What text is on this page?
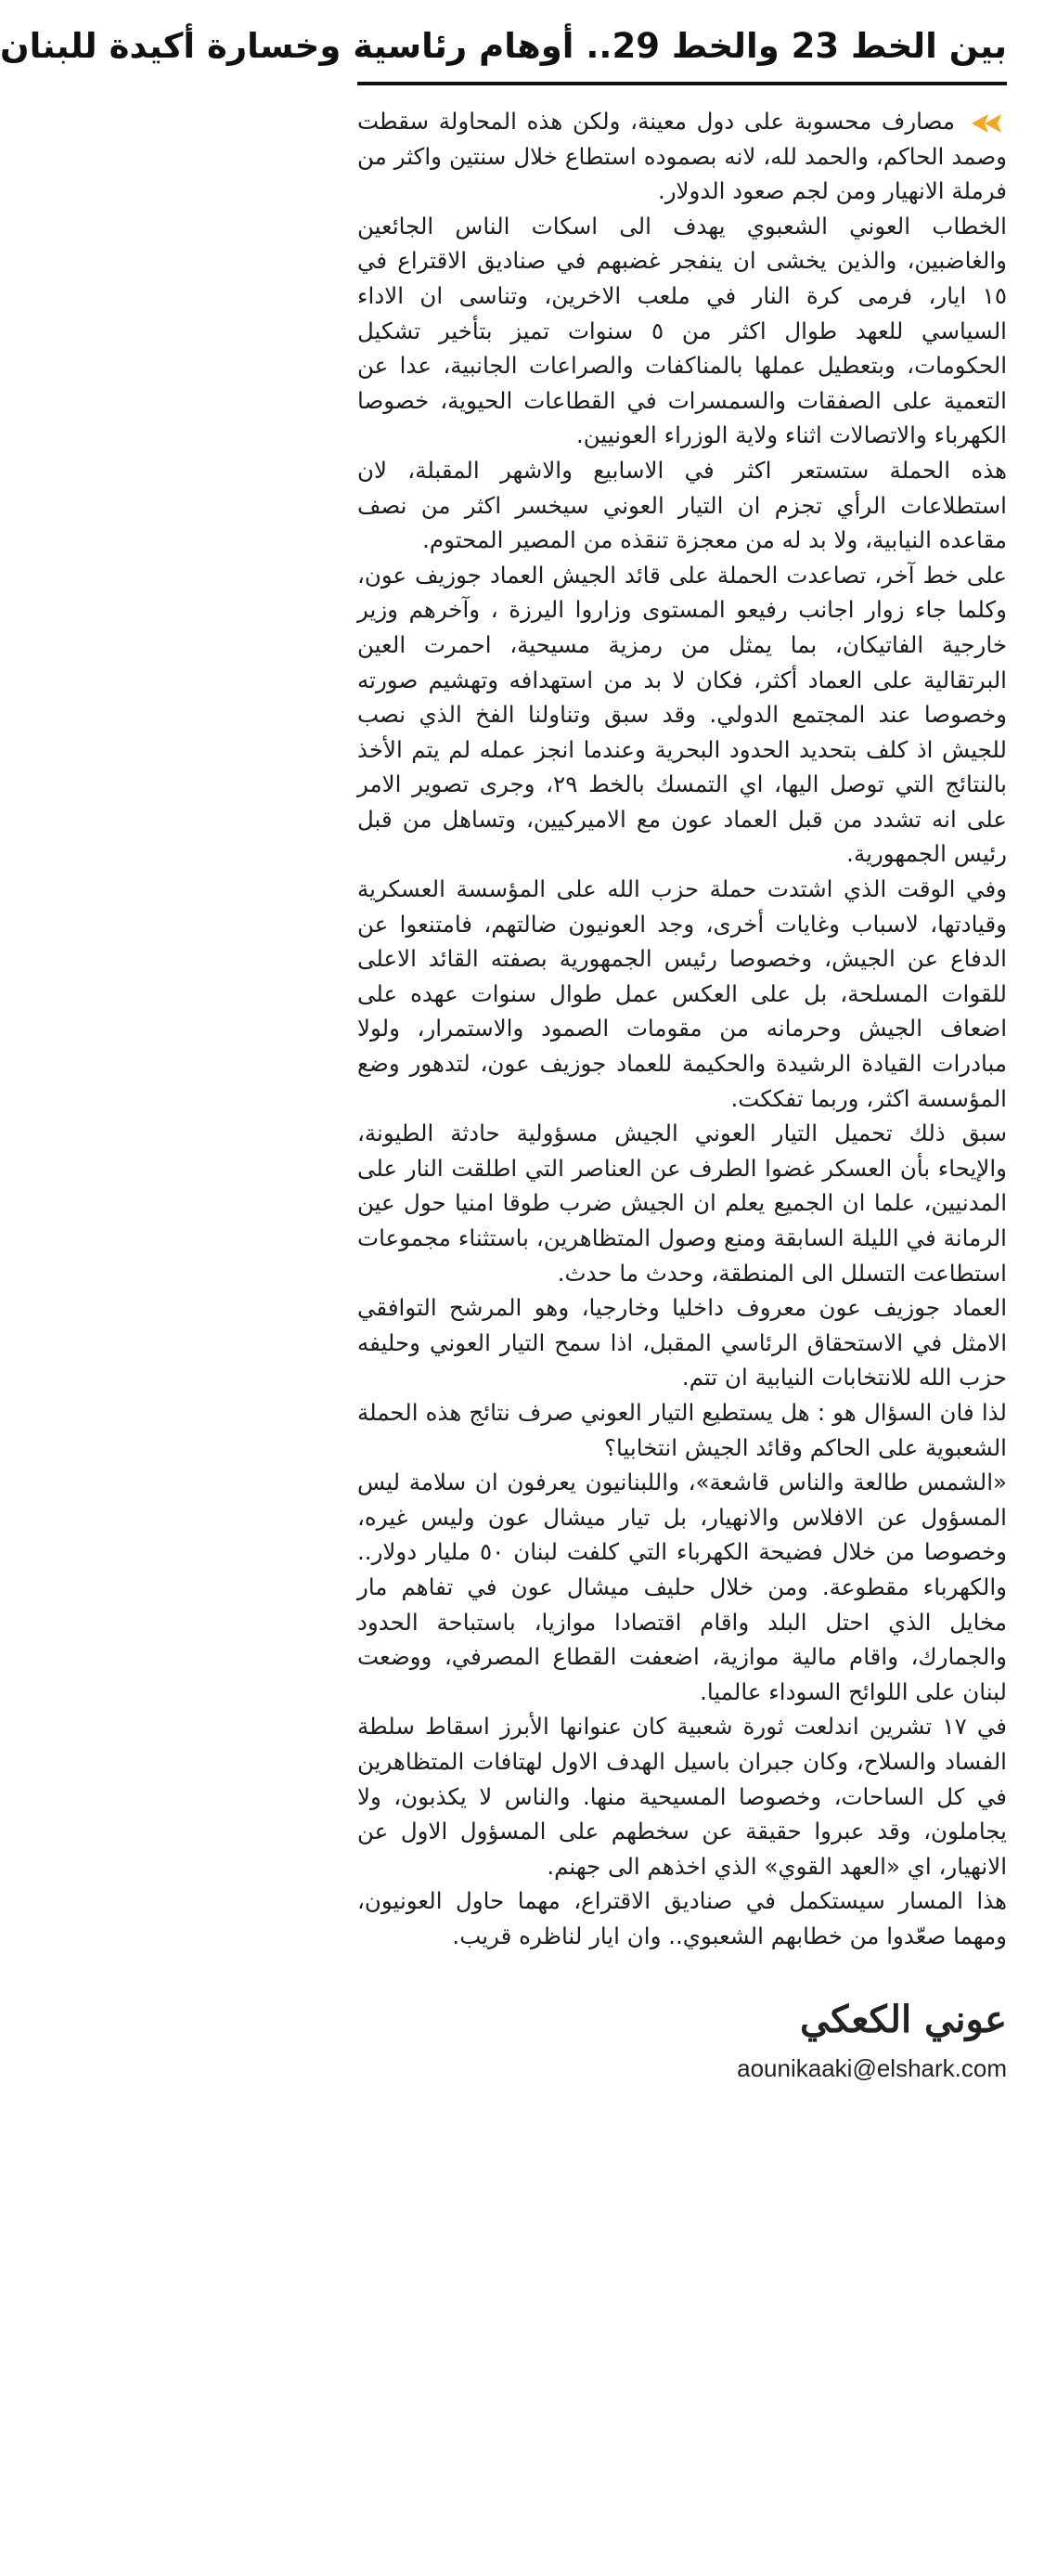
بين الخط 23 والخط 29.. أوهام رئاسية وخسارة أكيدة للبنان

مصارف محسوبة على دول معينة، ولكن هذه المحاولة سقطت وصمد الحاكم، والحمد لله، لانه بصموده استطاع خلال سنتين واكثر من فرملة الانهيار ومن لجم صعود الدولار.

الخطاب العوني الشعبوي يهدف الى اسكات الناس الجائعين والغاضبين، والذين يخشى ان ينفجر غضبهم في صناديق الاقتراع في ١٥ ايار، فرمى كرة النار في ملعب الاخرين، وتناسى ان الاداء السياسي للعهد طوال اكثر من ٥ سنوات تميز بتأخير تشكيل الحكومات، وبتعطيل عملها بالمناكفات والصراعات الجانبية، عدا عن التعمية على الصفقات والسمسرات في القطاعات الحيوية، خصوصا الكهرباء والاتصالات اثناء ولاية الوزراء العونيين.

هذه الحملة ستستعر اكثر في الاسابيع والاشهر المقبلة، لان استطلاعات الرأي تجزم ان التيار العوني سيخسر اكثر من نصف مقاعده النيابية، ولا بد له من معجزة تنقذه من المصير المحتوم.

على خط آخر، تصاعدت الحملة على قائد الجيش العماد جوزيف عون، وكلما جاء زوار اجانب رفيعو المستوى وزاروا اليرزة ، وآخرهم وزير خارجية الفاتيكان، بما يمثل من رمزية مسيحية، احمرت العين البرتقالية على العماد أكثر، فكان لا بد من استهدافه وتهشيم صورته وخصوصا عند المجتمع الدولي. وقد سبق وتناولنا الفخ الذي نصب للجيش اذ كلف بتحديد الحدود البحرية وعندما انجز عمله لم يتم الأخذ بالنتائج التي توصل اليها، اي التمسك بالخط ٢٩، وجرى تصوير الامر على انه تشدد من قبل العماد عون مع الاميركيين، وتساهل من قبل رئيس الجمهورية.

وفي الوقت الذي اشتدت حملة حزب الله على المؤسسة العسكرية وقيادتها، لاسباب وغايات أخرى، وجد العونيون ضالتهم، فامتنعوا عن الدفاع عن الجيش، وخصوصا رئيس الجمهورية بصفته القائد الاعلى للقوات المسلحة، بل على العكس عمل طوال سنوات عهده على اضعاف الجيش وحرمانه من مقومات الصمود والاستمرار، ولولا مبادرات القيادة الرشيدة والحكيمة للعماد جوزيف عون، لتدهور وضع المؤسسة اكثر، وربما تفككت.

سبق ذلك تحميل التيار العوني الجيش مسؤولية حادثة الطيونة، والإيحاء بأن العسكر غضوا الطرف عن العناصر التي اطلقت النار على المدنيين، علما ان الجميع يعلم ان الجيش ضرب طوقا امنيا حول عين الرمانة في الليلة السابقة ومنع وصول المتظاهرين، باستثناء مجموعات استطاعت التسلل الى المنطقة، وحدث ما حدث.

العماد جوزيف عون معروف داخليا وخارجيا، وهو المرشح التوافقي الامثل في الاستحقاق الرئاسي المقبل، اذا سمح التيار العوني وحليفه حزب الله للانتخابات النيابية ان تتم.

لذا فان السؤال هو : هل يستطيع التيار العوني صرف نتائج هذه الحملة الشعبوية على الحاكم وقائد الجيش انتخابيا؟

«الشمس طالعة والناس قاشعة»، واللبنانيون يعرفون ان سلامة ليس المسؤول عن الافلاس والانهيار، بل تيار ميشال عون وليس غيره، وخصوصا من خلال فضيحة الكهرباء التي كلفت لبنان ٥٠ مليار دولار.. والكهرباء مقطوعة. ومن خلال حليف ميشال عون في تفاهم مار مخايل الذي احتل البلد واقام اقتصادا موازيا، باستباحة الحدود والجمارك، واقام مالية موازية، اضعفت القطاع المصرفي، ووضعت لبنان على اللوائح السوداء عالميا.

في ١٧ تشرين اندلعت ثورة شعبية كان عنوانها الأبرز اسقاط سلطة الفساد والسلاح، وكان جبران باسيل الهدف الاول لهتافات المتظاهرين في كل الساحات، وخصوصا المسيحية منها. والناس لا يكذبون، ولا يجاملون، وقد عبروا حقيقة عن سخطهم على المسؤول الاول عن الانهيار، اي «العهد القوي» الذي اخذهم الى جهنم.

هذا المسار سيستكمل في صناديق الاقتراع، مهما حاول العونيون، ومهما صعّدوا من خطابهم الشعبوي.. وان ايار لناظره قريب.

عوني الكعكي
aounikaaki@elshark.com
